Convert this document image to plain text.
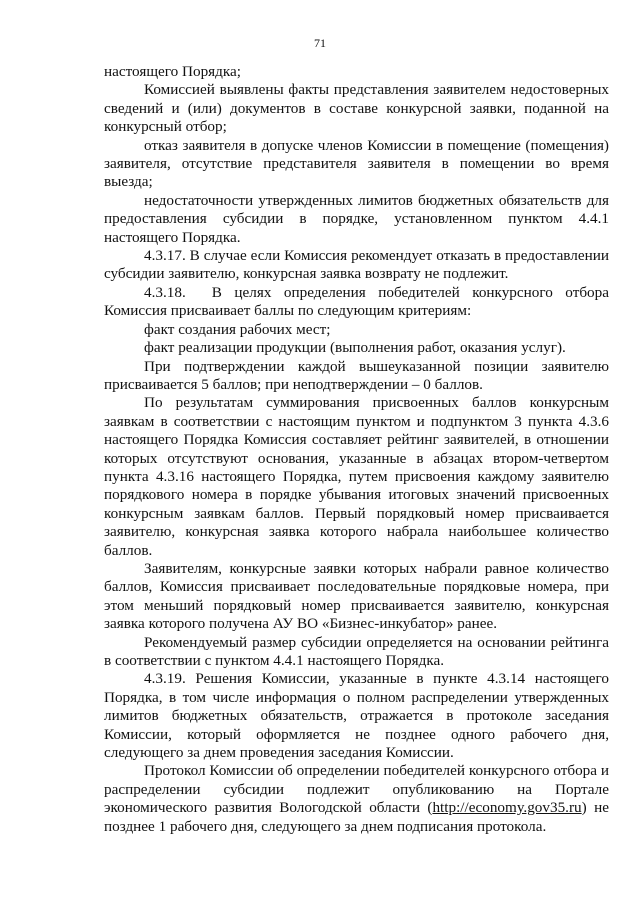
71

настоящего Порядка;

Комиссией выявлены факты представления заявителем недостоверных сведений и (или) документов в составе конкурсной заявки, поданной на конкурсный отбор;

отказ заявителя в допуске членов Комиссии в помещение (помещения) заявителя, отсутствие представителя заявителя в помещении во время выезда;

недостаточности утвержденных лимитов бюджетных обязательств для предоставления субсидии в порядке, установленном пунктом 4.4.1 настоящего Порядка.

4.3.17. В случае если Комиссия рекомендует отказать в предоставлении субсидии заявителю, конкурсная заявка возврату не подлежит.

4.3.18. В целях определения победителей конкурсного отбора Комиссия присваивает баллы по следующим критериям:

факт создания рабочих мест;

факт реализации продукции (выполнения работ, оказания услуг).

При подтверждении каждой вышеуказанной позиции заявителю присваивается 5 баллов; при неподтверждении – 0 баллов.

По результатам суммирования присвоенных баллов конкурсным заявкам в соответствии с настоящим пунктом и подпунктом 3 пункта 4.3.6 настоящего Порядка Комиссия составляет рейтинг заявителей, в отношении которых отсутствуют основания, указанные в абзацах втором-четвертом пункта 4.3.16 настоящего Порядка, путем присвоения каждому заявителю порядкового номера в порядке убывания итоговых значений присвоенных конкурсным заявкам баллов. Первый порядковый номер присваивается заявителю, конкурсная заявка которого набрала наибольшее количество баллов.

Заявителям, конкурсные заявки которых набрали равное количество баллов, Комиссия присваивает последовательные порядковые номера, при этом меньший порядковый номер присваивается заявителю, конкурсная заявка которого получена АУ ВО «Бизнес-инкубатор» ранее.

Рекомендуемый размер субсидии определяется на основании рейтинга в соответствии с пунктом 4.4.1 настоящего Порядка.

4.3.19. Решения Комиссии, указанные в пункте 4.3.14 настоящего Порядка, в том числе информация о полном распределении утвержденных лимитов бюджетных обязательств, отражается в протоколе заседания Комиссии, который оформляется не позднее одного рабочего дня, следующего за днем проведения заседания Комиссии.

Протокол Комиссии об определении победителей конкурсного отбора и распределении субсидии подлежит опубликованию на Портале экономического развития Вологодской области (http://economy.gov35.ru) не позднее 1 рабочего дня, следующего за днем подписания протокола.
